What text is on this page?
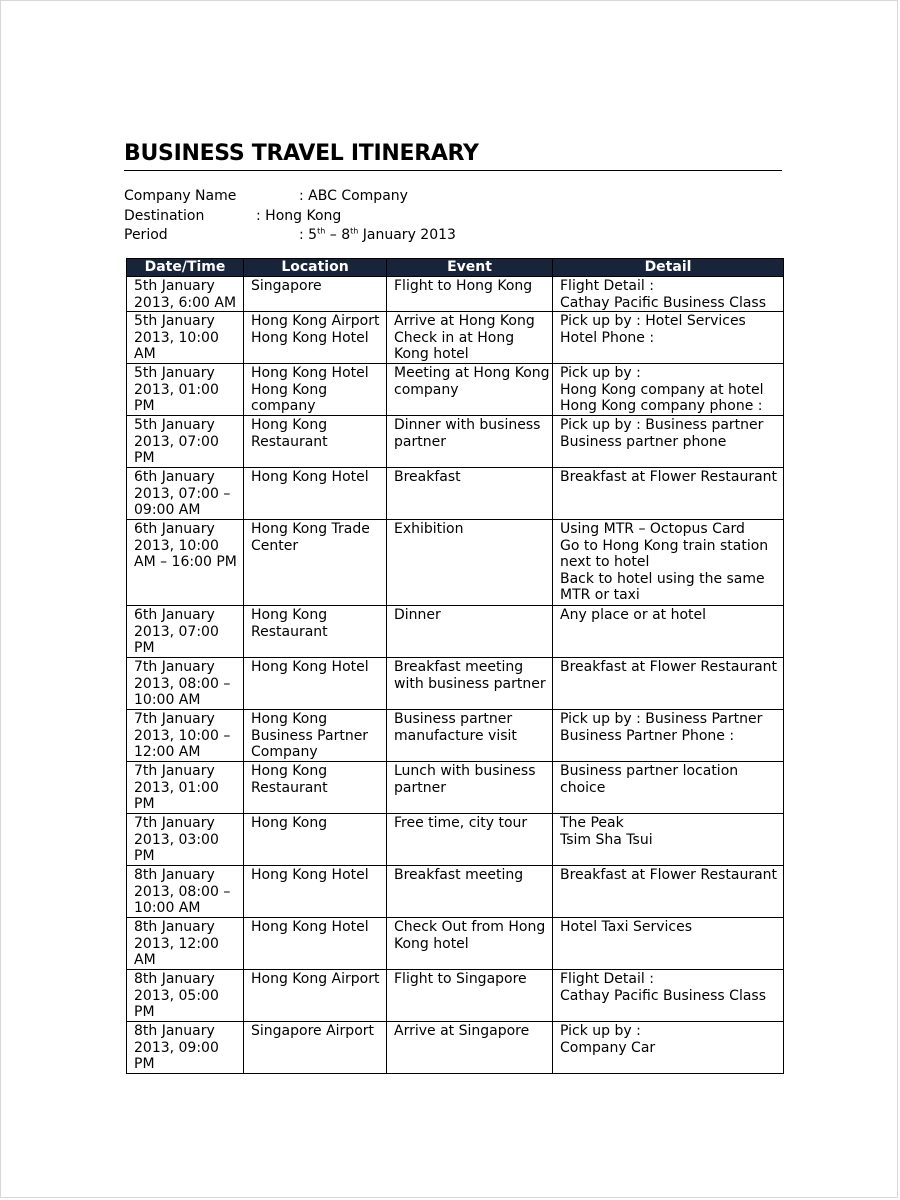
BUSINESS TRAVEL ITINERARY
Company Name	: ABC Company
Destination	: Hong Kong
Period	: 5th – 8th January 2013
Date/Time	Location	Event	Detail
5th January
2013, 6:00 AM	Singapore	Flight to Hong Kong	Flight Detail :
Cathay Pacific Business Class
5th January
2013, 10:00
AM	Hong Kong Airport
Hong Kong Hotel	Arrive at Hong Kong
Check in at Hong
Kong hotel	Pick up by : Hotel Services
Hotel Phone :
5th January
2013, 01:00
PM	Hong Kong Hotel
Hong Kong
company	Meeting at Hong Kong
company	Pick up by :
Hong Kong company at hotel
Hong Kong company phone :
5th January
2013, 07:00
PM	Hong Kong
Restaurant	Dinner with business
partner	Pick up by : Business partner
Business partner phone
6th January
2013, 07:00 –
09:00 AM	Hong Kong Hotel	Breakfast	Breakfast at Flower Restaurant
6th January
2013, 10:00
AM – 16:00 PM	Hong Kong Trade
Center	Exhibition	Using MTR – Octopus Card
Go to Hong Kong train station
next to hotel
Back to hotel using the same
MTR or taxi
6th January
2013, 07:00
PM	Hong Kong
Restaurant	Dinner	Any place or at hotel
7th January
2013, 08:00 –
10:00 AM	Hong Kong Hotel	Breakfast meeting
with business partner	Breakfast at Flower Restaurant
7th January
2013, 10:00 –
12:00 AM	Hong Kong
Business Partner
Company	Business partner
manufacture visit	Pick up by : Business Partner
Business Partner Phone :
7th January
2013, 01:00
PM	Hong Kong
Restaurant	Lunch with business
partner	Business partner location
choice
7th January
2013, 03:00
PM	Hong Kong	Free time, city tour	The Peak
Tsim Sha Tsui
8th January
2013, 08:00 –
10:00 AM	Hong Kong Hotel	Breakfast meeting	Breakfast at Flower Restaurant
8th January
2013, 12:00
AM	Hong Kong Hotel	Check Out from Hong
Kong hotel	Hotel Taxi Services
8th January
2013, 05:00
PM	Hong Kong Airport	Flight to Singapore	Flight Detail :
Cathay Pacific Business Class
8th January
2013, 09:00
PM	Singapore Airport	Arrive at Singapore	Pick up by :
Company Car
